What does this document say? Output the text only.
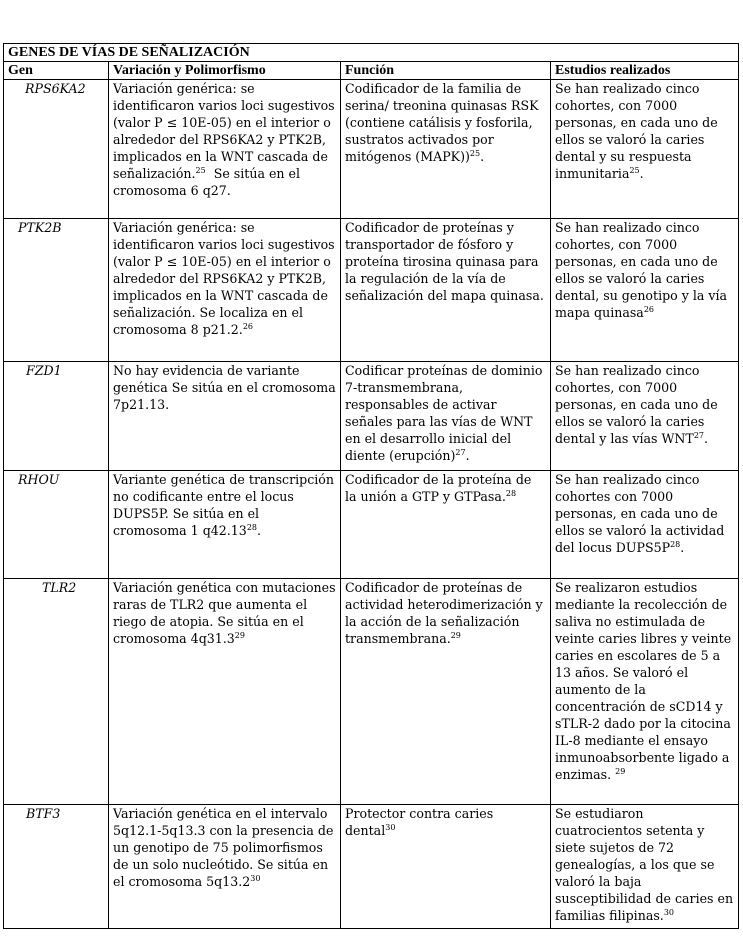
GENES DE VÍAS DE SEÑALIZACIÓN			
Gen	Variación y Polimorfismo	Función	Estudios realizados
RPS6KA2	Variación genérica: se identificaron varios loci sugestivos (valor P ≤ 10E-05) en el interior o alrededor del RPS6KA2 y PTK2B, implicados en la WNT cascada de señalización.$^{25}$  Se sitúa en el cromosoma 6 q27.	Codificador de la familia de serina/ treonina quinasas RSK (contiene catálisis y fosforila, sustratos activados por mitógenos (MAPK))$^{25}$.	Se han realizado cinco cohortes, con 7000 personas, en cada uno de ellos se valoró la caries dental y su respuesta inmunitaria$^{25}$.
PTK2B	Variación genérica: se identificaron varios loci sugestivos (valor P ≤ 10E-05) en el interior o alrededor del RPS6KA2 y PTK2B, implicados en la WNT cascada de señalización. Se localiza en el cromosoma 8 p21.2.26	Codificador de proteínas y transportador de fósforo y proteína tirosina quinasa para la regulación de la vía de señalización del mapa quinasa.	Se han realizado cinco cohortes, con 7000 personas, en cada uno de ellos se valoró la caries dental, su genotipo y la vía mapa quinasa$^{26}$
FZD1	No hay evidencia de variante genética Se sitúa en el cromosoma 7p21.13.	Codificar proteínas de dominio 7-transmembrana, responsables de activar señales para las vías de WNT en el desarrollo inicial del diente (erupción)$^{27}$.	Se han realizado cinco cohortes, con 7000 personas, en cada uno de ellos se valoró la caries dental y las vías WNT$^{27}$.
RHOU	Variante genética de transcripción no codificante entre el locus DUPS5P. Se sitúa en el cromosoma 1 q42.13$^{28}$.	Codificador de la proteína de la unión a GTP y GTPasa.$^{28}$	Se han realizado cinco cohortes con 7000 personas, en cada uno de ellos se valoró la actividad del locus $DUPS5P^{28}$.
TLR2	Variación genética con mutaciones raras de TLR2 que aumenta el riego de atopia. Se sitúa en el cromosoma 4q31.3$^{29}$	Codificador de proteínas de actividad heterodimerización y la acción de la señalización transmembrana.$^{29}$	Se realizaron estudios mediante la recolección de saliva no estimulada de veinte caries libres y veinte caries en escolares de 5 a 13 años. Se valoró el aumento de la concentración de sCD14 y sTLR-2 dado por la citocina IL-8 mediante el ensayo inmunoabsorbente ligado a enzimas. $^{29}$
BTF3	Variación genética en el intervalo 5q12.1-5q13.3 con la presencia de un genotipo de 75 polimorfismos de un solo nucleótido. Se sitúa en el cromosoma 5q13.2$^{30}$	Protector contra caries dental$^{30}$	Se estudiaron cuatrocientos setenta y siete sujetos de 72 genealogías, a los que se valoró la baja susceptibilidad de caries en familias filipinas.$^{30}$
